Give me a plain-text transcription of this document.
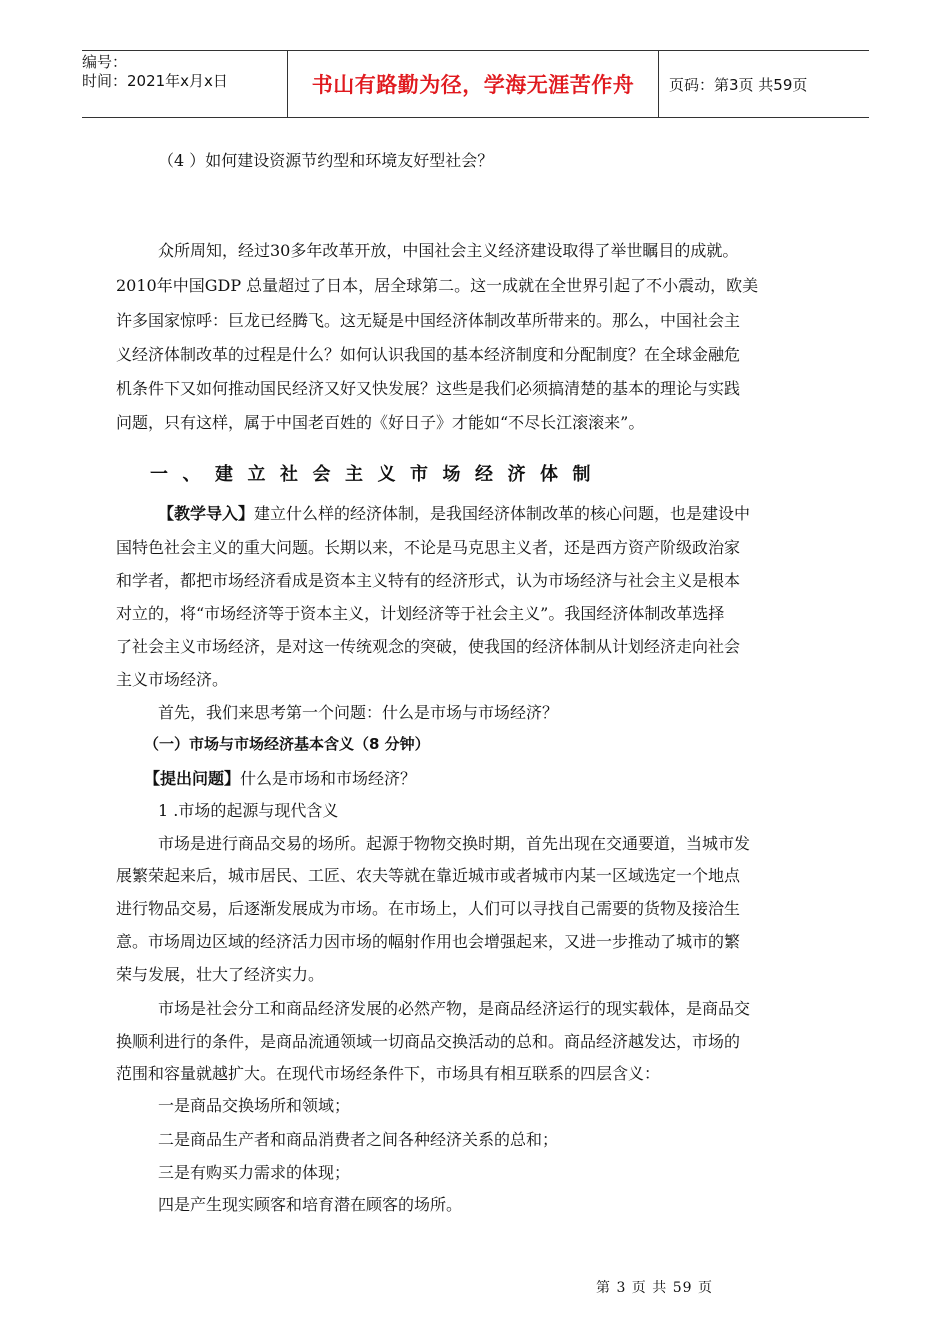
编号：
时间：2021年x月x日	书山有路勤为径，学海无涯苦作舟	页码：第3页 共59页
（4 ）如何建设资源节约型和环境友好型社会？
众所周知，经过30多年改革开放，中国社会主义经济建设取得了举世瞩目的成就。
2010年中国GDP 总量超过了日本，居全球第二。这一成就在全世界引起了不小震动，欧美
许多国家惊呼：巨龙已经腾飞。这无疑是中国经济体制改革所带来的。那么，中国社会主
义经济体制改革的过程是什么？如何认识我国的基本经济制度和分配制度？在全球金融危
机条件下又如何推动国民经济又好又快发展？这些是我们必须搞清楚的基本的理论与实践
问题，只有这样，属于中国老百姓的《好日子》才能如“不尽长江滚滚来”。
一、建立社会主义市场经济体制
【教学导入】建立什么样的经济体制，是我国经济体制改革的核心问题，也是建设中
国特色社会主义的重大问题。长期以来，不论是马克思主义者，还是西方资产阶级政治家
和学者，都把市场经济看成是资本主义特有的经济形式，认为市场经济与社会主义是根本
对立的，将“市场经济等于资本主义，计划经济等于社会主义”。我国经济体制改革选择
了社会主义市场经济，是对这一传统观念的突破，使我国的经济体制从计划经济走向社会
主义市场经济。
首先，我们来思考第一个问题：什么是市场与市场经济？
（一）市场与市场经济基本含义（8 分钟）
【提出问题】什么是市场和市场经济？
1 .市场的起源与现代含义
市场是进行商品交易的场所。起源于物物交换时期，首先出现在交通要道，当城市发
展繁荣起来后，城市居民、工匠、农夫等就在靠近城市或者城市内某一区域选定一个地点
进行物品交易，后逐渐发展成为市场。在市场上，人们可以寻找自己需要的货物及接洽生
意。市场周边区域的经济活力因市场的幅射作用也会增强起来，又进一步推动了城市的繁
荣与发展，壮大了经济实力。
市场是社会分工和商品经济发展的必然产物，是商品经济运行的现实载体，是商品交
换顺利进行的条件，是商品流通领域一切商品交换活动的总和。商品经济越发达，市场的
范围和容量就越扩大。在现代市场经条件下，市场具有相互联系的四层含义：
一是商品交换场所和领域；
二是商品生产者和商品消费者之间各种经济关系的总和；
三是有购买力需求的体现；
四是产生现实顾客和培育潜在顾客的场所。
第 3 页 共 59 页
